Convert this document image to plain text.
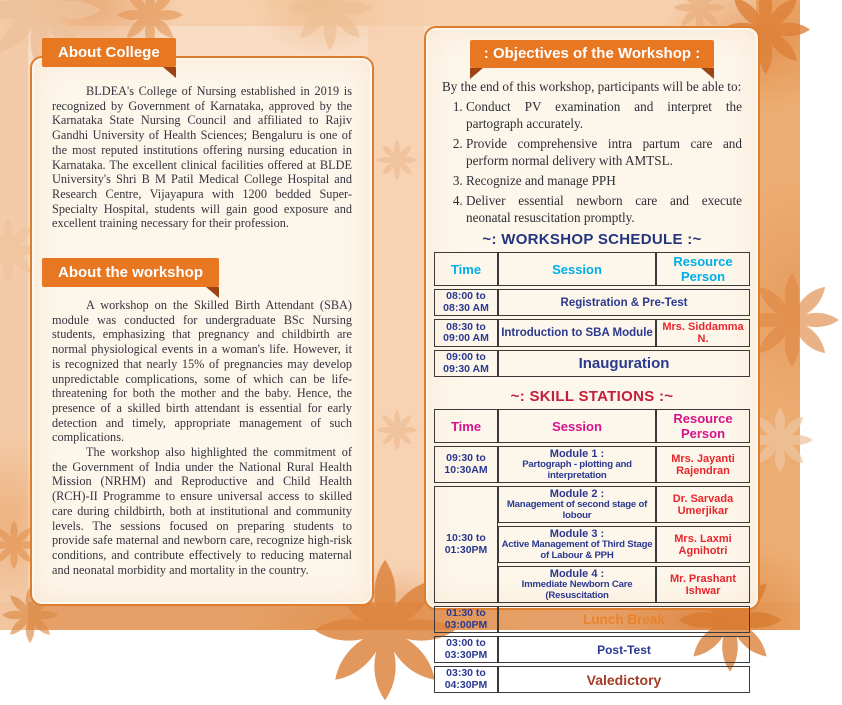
About College

BLDEA's College of Nursing established in 2019 is recognized by Government of Karnataka, approved by the Karnataka State Nursing Council and affiliated to Rajiv Gandhi University of Health Sciences; Bengaluru is one of the most reputed institutions offering nursing education in Karnataka. The excellent clinical facilities offered at BLDE University's Shri B M Patil Medical College Hospital and Research Centre, Vijayapura with 1200 bedded Super-Specialty Hospital, students will gain good exposure and excellent training necessary for their profession.

About the workshop

A workshop on the Skilled Birth Attendant (SBA) module was conducted for undergraduate BSc Nursing students, emphasizing that pregnancy and childbirth are normal physiological events in a woman's life. However, it is recognized that nearly 15% of pregnancies may develop unpredictable complications, some of which can be life-threatening for both the mother and the baby. Hence, the presence of a skilled birth attendant is essential for early detection and timely, appropriate management of such complications.

The workshop also highlighted the commitment of the Government of India under the National Rural Health Mission (NRHM) and Reproductive and Child Health (RCH)-II Programme to ensure universal access to skilled care during childbirth, both at institutional and community levels. The sessions focused on preparing students to provide safe maternal and newborn care, recognize high-risk conditions, and contribute effectively to reducing maternal and neonatal morbidity and mortality in the country.

: Objectives of the Workshop :

By the end of this workshop, participants will be able to:

1. Conduct PV examination and interpret the partograph accurately.
2. Provide comprehensive intra partum care and perform normal delivery with AMTSL.
3. Recognize and manage PPH
4. Deliver essential newborn care and execute neonatal resuscitation promptly.
~: WORKSHOP SCHEDULE :~
Time	Session	Resource Person
08:00 to 08:30 AM	Registration & Pre-Test	
08:30 to 09:00 AM	Introduction to SBA Module	Mrs. Siddamma N.
09:00 to 09:30 AM	Inauguration	
~: SKILL STATIONS :~
Time	Session	Resource Person
09:30 to 10:30AM	Module 1 :
Partograph - plotting and interpretation	Mrs. Jayanti Rajendran
10:30 to 01:30PM	Module 2 :
Management of second stage of lobour	Dr. Sarvada Umerjikar

	Module 3 :
Active Management of Third Stage of Labour & PPH	Mrs. Laxmi Agnihotri

	Module 4 :
Immediate Newborn Care (Resuscitation	Mr. Prashant Ishwar
01:30 to 03:00PM	Lunch Break	
03:00 to 03:30PM	Post-Test	
03:30 to 04:30PM	Valedictory	
